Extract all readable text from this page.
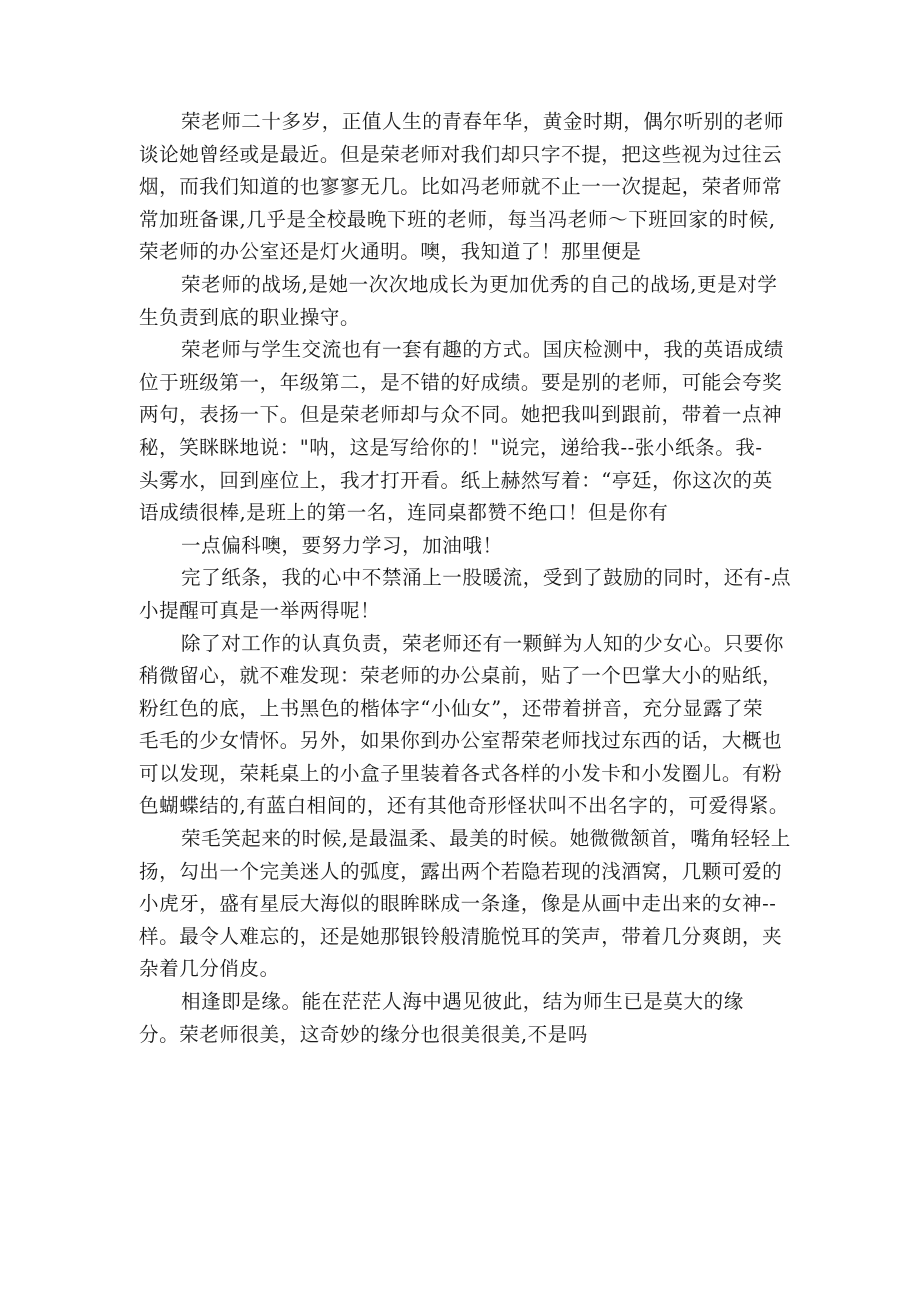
荣老师二十多岁，正值人生的青春年华，黄金时期，偶尔听别的老师
谈论她曾经或是最近。但是荣老师对我们却只字不提，把这些视为过往云
烟，而我们知道的也寥寥无几。比如冯老师就不止一一次提起，荣者师常
常加班备课,几乎是全校最晚下班的老师，每当冯老师～下班回家的时候,
荣老师的办公室还是灯火通明。噢，我知道了！那里便是
荣老师的战场,是她一次次地成长为更加优秀的自己的战场,更是对学
生负责到底的职业操守。
荣老师与学生交流也有一套有趣的方式。国庆检测中，我的英语成绩
位于班级第一，年级第二，是不错的好成绩。要是别的老师，可能会夸奖
两句，表扬一下。但是荣老师却与众不同。她把我叫到跟前，带着一点神
秘，笑眯眯地说："呐，这是写给你的！"说完，递给我--张小纸条。我-
头雾水，回到座位上，我才打开看。纸上赫然写着：“亭廷，你这次的英
语成绩很棒,是班上的第一名，连同桌都赞不绝口！但是你有
一点偏科噢，要努力学习，加油哦！
完了纸条，我的心中不禁涌上一股暖流，受到了鼓励的同时，还有-点
小提醒可真是一举两得呢！
除了对工作的认真负责，荣老师还有一颗鲜为人知的少女心。只要你
稍微留心，就不难发现：荣老师的办公桌前，贴了一个巴掌大小的贴纸，
粉红色的底，上书黑色的楷体字“小仙女”，还带着拼音，充分显露了荣
毛毛的少女情怀。另外，如果你到办公室帮荣老师找过东西的话，大概也
可以发现，荣耗桌上的小盒子里装着各式各样的小发卡和小发圈儿。有粉
色蝴蝶结的,有蓝白相间的，还有其他奇形怪状叫不出名字的，可爱得紧。
荣毛笑起来的时候,是最温柔、最美的时候。她微微颔首，嘴角轻轻上
扬，勾出一个完美迷人的弧度，露出两个若隐若现的浅酒窝，几颗可爱的
小虎牙，盛有星辰大海似的眼眸眯成一条逢，像是从画中走出来的女神--
样。最令人难忘的，还是她那银铃般清脆悦耳的笑声，带着几分爽朗，夹
杂着几分俏皮。
相逢即是缘。能在茫茫人海中遇见彼此，结为师生已是莫大的缘
分。荣老师很美，这奇妙的缘分也很美很美,不是吗
